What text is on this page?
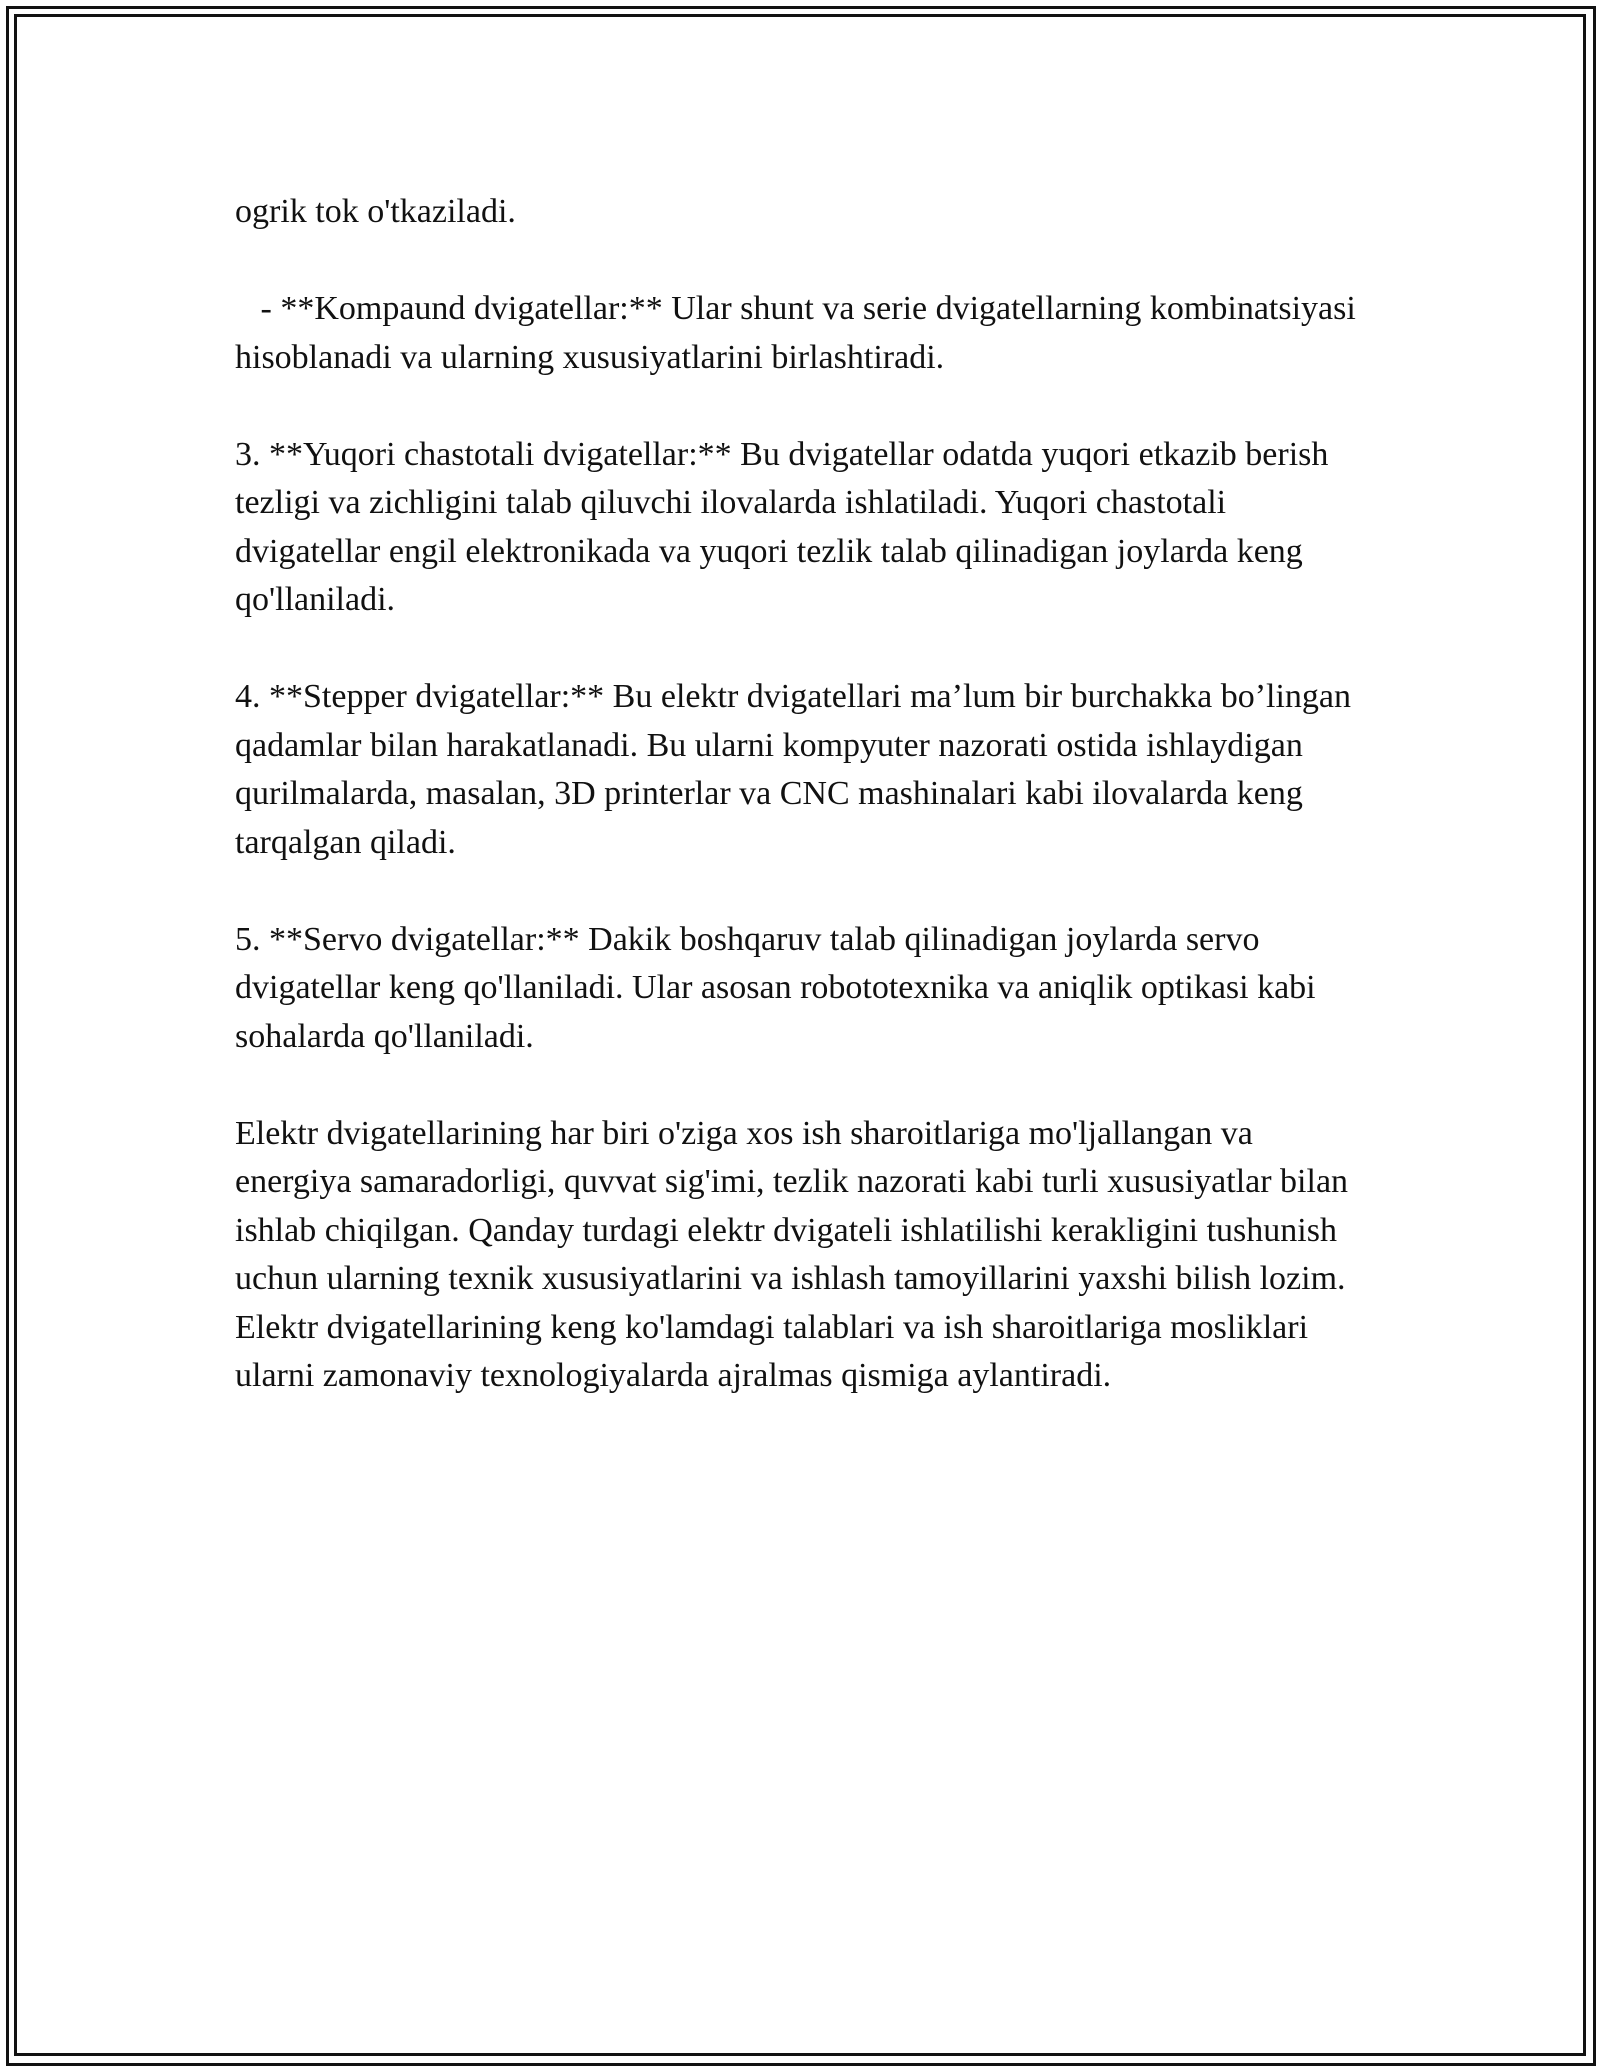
ogrik tok o'tkaziladi.

- **Kompaund dvigatellar:** Ular shunt va serie dvigatellarning kombinatsiyasi hisoblanadi va ularning xususiyatlarini birlashtiradi.

3. **Yuqori chastotali dvigatellar:** Bu dvigatellar odatda yuqori etkazib berish tezligi va zichligini talab qiluvchi ilovalarda ishlatiladi. Yuqori chastotali dvigatellar engil elektronikada va yuqori tezlik talab qilinadigan joylarda keng qo'llaniladi.

4. **Stepper dvigatellar:** Bu elektr dvigatellari ma’lum bir burchakka bo’lingan qadamlar bilan harakatlanadi. Bu ularni kompyuter nazorati ostida ishlaydigan qurilmalarda, masalan, 3D printerlar va CNC mashinalari kabi ilovalarda keng tarqalgan qiladi.

5. **Servo dvigatellar:** Dakik boshqaruv talab qilinadigan joylarda servo dvigatellar keng qo'llaniladi. Ular asosan robototexnika va aniqlik optikasi kabi sohalarda qo'llaniladi.

Elektr dvigatellarining har biri o'ziga xos ish sharoitlariga mo'ljallangan va energiya samaradorligi, quvvat sig'imi, tezlik nazorati kabi turli xususiyatlar bilan ishlab chiqilgan. Qanday turdagi elektr dvigateli ishlatilishi kerakligini tushunish uchun ularning texnik xususiyatlarini va ishlash tamoyillarini yaxshi bilish lozim. Elektr dvigatellarining keng ko'lamdagi talablari va ish sharoitlariga mosliklari ularni zamonaviy texnologiyalarda ajralmas qismiga aylantiradi.
